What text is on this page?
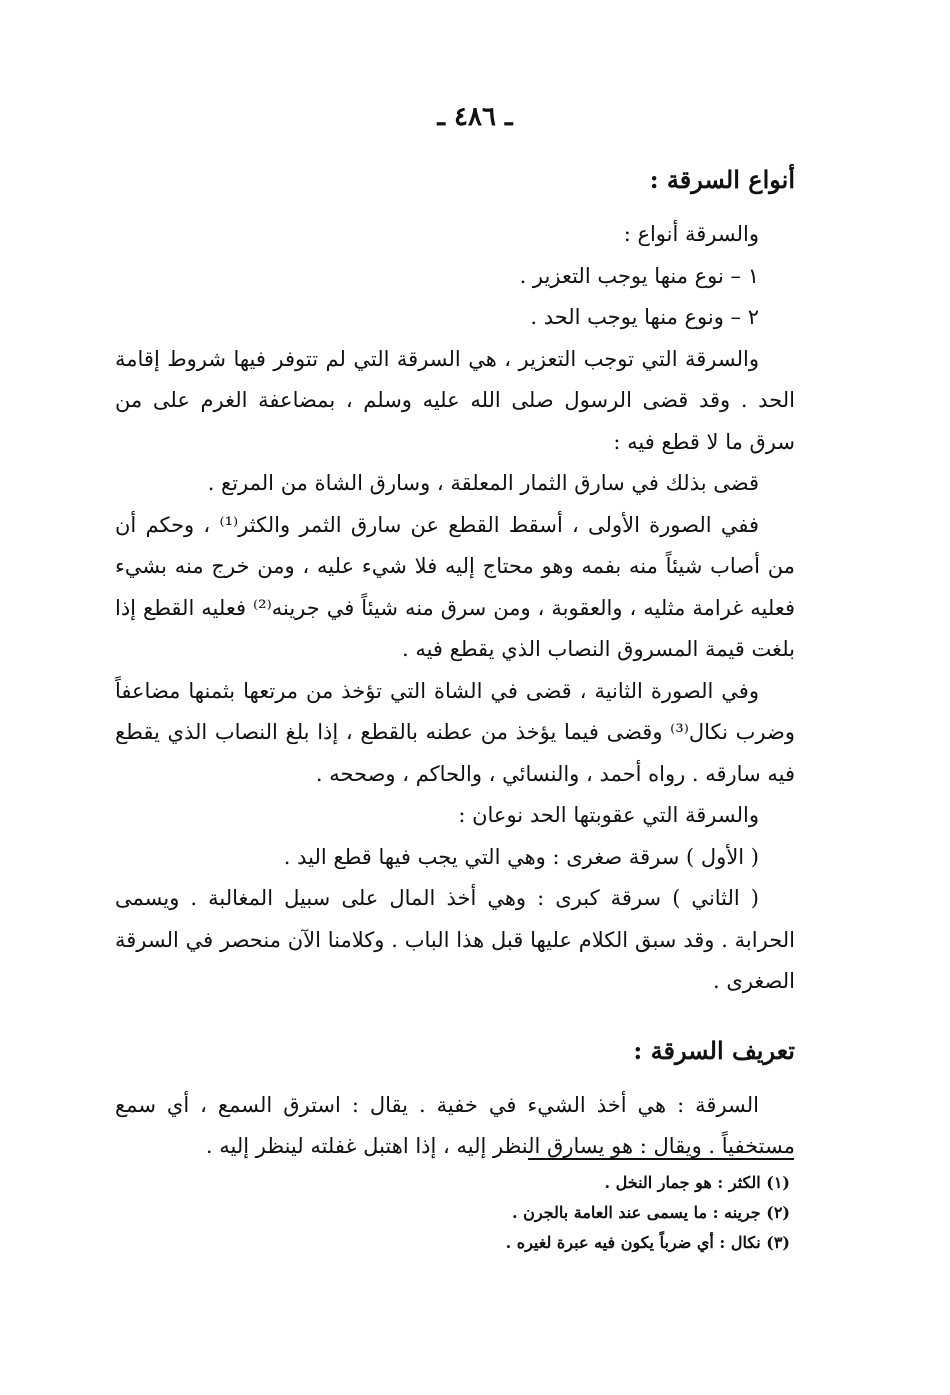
ـ ٤٨٦ ـ
أنواع السرقة :
والسرقة أنواع :
١ – نوع منها يوجب التعزير .
٢ – ونوع منها يوجب الحد .

والسرقة التي توجب التعزير ، هي السرقة التي لم تتوفر فيها شروط إقامة الحد . وقد قضى الرسول صلى الله عليه وسلم ، بمضاعفة الغرم على من سرق ما لا قطع فيه :

قضى بذلك في سارق الثمار المعلقة ، وسارق الشاة من المرتع .

ففي الصورة الأولى ، أسقط القطع عن سارق الثمر والكثر⁽¹⁾ ، وحكم أن من أصاب شيئاً منه بفمه وهو محتاج إليه فلا شيء عليه ، ومن خرج منه بشيء فعليه غرامة مثليه ، والعقوبة ، ومن سرق منه شيئاً في جرينه⁽²⁾ فعليه القطع إذا بلغت قيمة المسروق النصاب الذي يقطع فيه .

وفي الصورة الثانية ، قضى في الشاة التي تؤخذ من مرتعها بثمنها مضاعفاً وضرب نكال⁽³⁾ وقضى فيما يؤخذ من عطنه بالقطع ، إذا بلغ النصاب الذي يقطع فيه سارقه . رواه أحمد ، والنسائي ، والحاكم ، وصححه .

والسرقة التي عقوبتها الحد نوعان :

( الأول ) سرقة صغرى : وهي التي يجب فيها قطع اليد .

( الثاني ) سرقة كبرى : وهي أخذ المال على سبيل المغالبة . ويسمى الحرابة . وقد سبق الكلام عليها قبل هذا الباب . وكلامنا الآن منحصر في السرقة الصغرى .

تعريف السرقة :

السرقة : هي أخذ الشيء في خفية . يقال : استرق السمع ، أي سمع مستخفياً . ويقال : هو يسارق النظر إليه ، إذا اهتبل غفلته لينظر إليه .

(١) الكثر : هو جمار النخل .
(٢) جرينه : ما يسمى عند العامة بالجرن .
(٣) نكال : أي ضرباً يكون فيه عبرة لغيره .
